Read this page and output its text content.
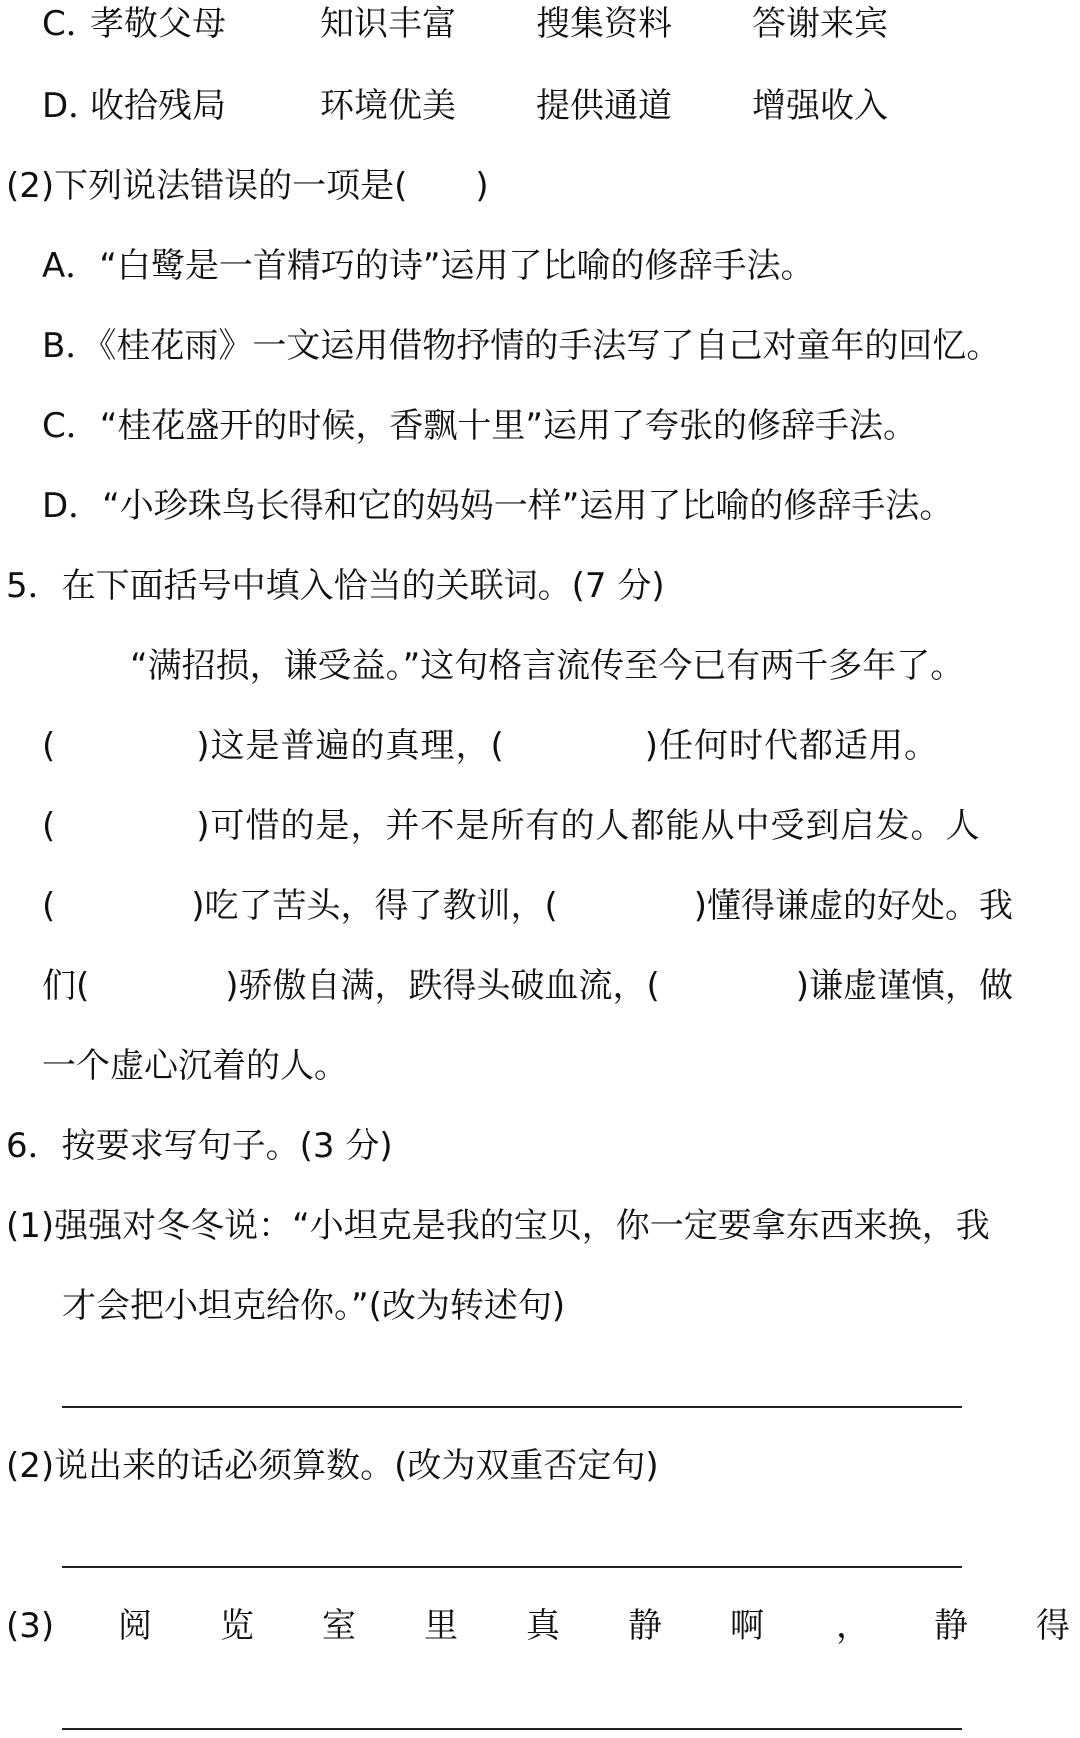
C．
孝敬父母	知识丰富 搜集资料 答谢来宾
D．
收拾残局	环境优美 提供通道 增强收入
(2)下列说法错误的一项是(　　)
A．“白鹭是一首精巧的诗”运用了比喻的修辞手法。
B．《桂花雨》一文运用借物抒情的手法写了自己对童年的回忆。
C．“桂花盛开的时候，香飘十里”运用了夸张的修辞手法。
D．“小珍珠鸟长得和它的妈妈一样”运用了比喻的修辞手法。
5．在下面括号中填入恰当的关联词。(7 分)
“满招损，谦受益。”这句格言流传至今已有两千多年了。
(　　　　)这是普遍的真理，(　　　　)任何时代都适用。
(　　　　)可惜的是，并不是所有的人都能从中受到启发。人
(　　　　)吃了苦头，得了教训，(　　　　)懂得谦虚的好处。我
们(　　　　)骄傲自满，跌得头破血流，(　　　　)谦虚谨慎，做
一个虚心沉着的人。
6．按要求写句子。(3 分)
(1)强强对冬冬说：“小坦克是我的宝贝，你一定要拿东西来换，我
才会把小坦克给你。”(改为转述句)
(2)说出来的话必须算数。(改为双重否定句)
(3) 阅 览 室 里 真 静 啊 ， 静 得
